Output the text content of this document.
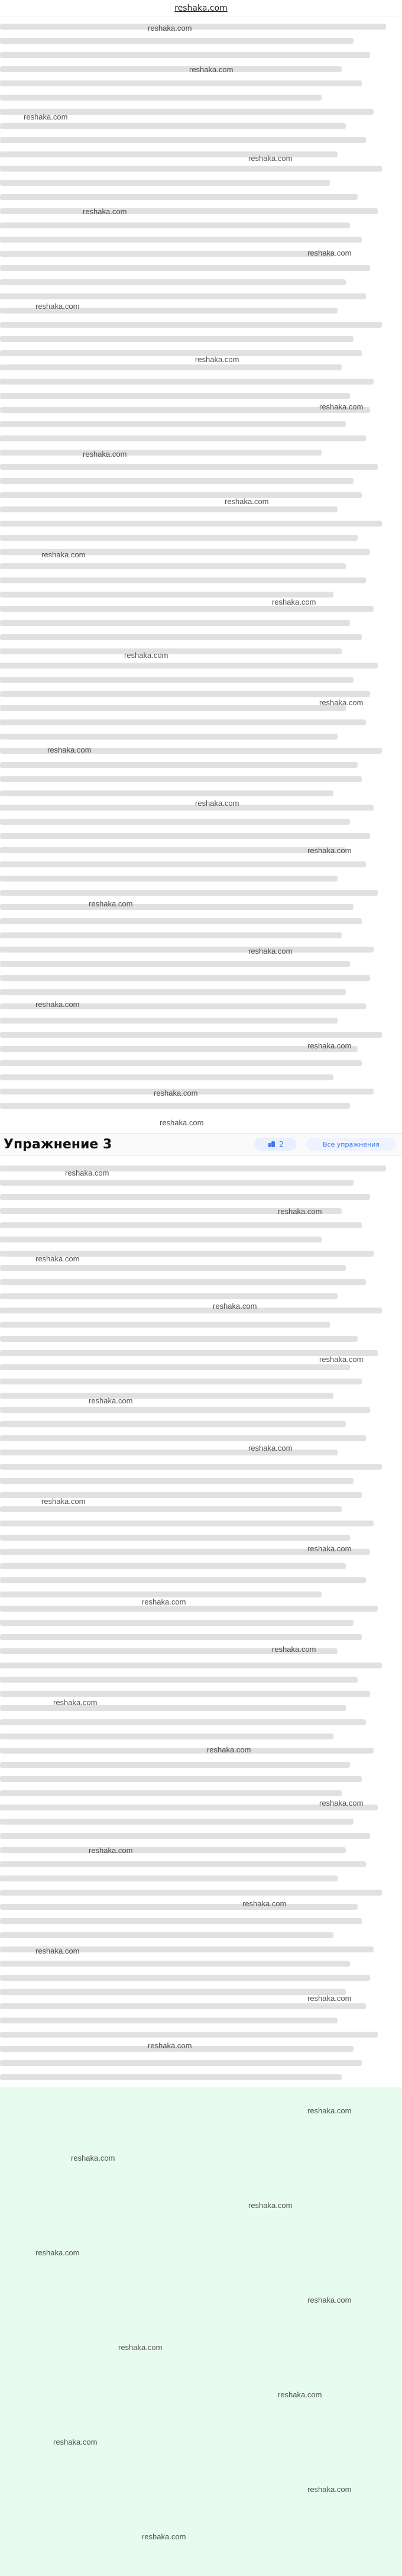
reshaka.com
Упражнение 3	2	Все упражнения
reshaka.com
reshaka.com
reshaka.com
reshaka.com
reshaka.com
reshaka.com
reshaka.com
reshaka.com
reshaka.com
reshaka.com
reshaka.com
reshaka.com
reshaka.com
reshaka.com
reshaka.com
reshaka.com
reshaka.com
reshaka.com
reshaka.com
reshaka.com
reshaka.com
reshaka.com
reshaka.com
reshaka.com
reshaka.com
reshaka.com
reshaka.com
reshaka.com
reshaka.com
reshaka.com
reshaka.com
reshaka.com
reshaka.com
reshaka.com
reshaka.com
reshaka.com
reshaka.com
reshaka.com
reshaka.com
reshaka.com
reshaka.com
reshaka.com
reshaka.com
reshaka.com
reshaka.com
reshaka.com
reshaka.com
reshaka.com
reshaka.com
reshaka.com
reshaka.com
reshaka.com
reshaka.com
